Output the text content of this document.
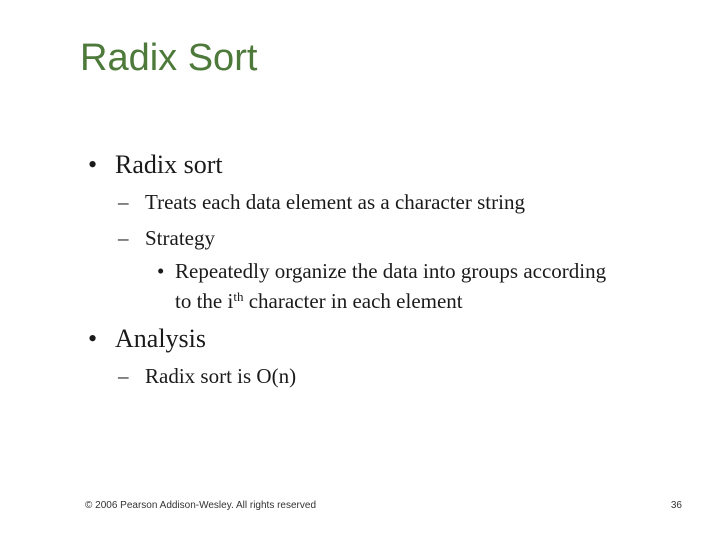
Radix Sort
• Radix sort
– Treats each data element as a character string
– Strategy
• Repeatedly organize the data into groups according
to the $i^{th}$ character in each element
• Analysis
– Radix sort is O(n)
© 2006 Pearson Addison-Wesley. All rights reserved	36
